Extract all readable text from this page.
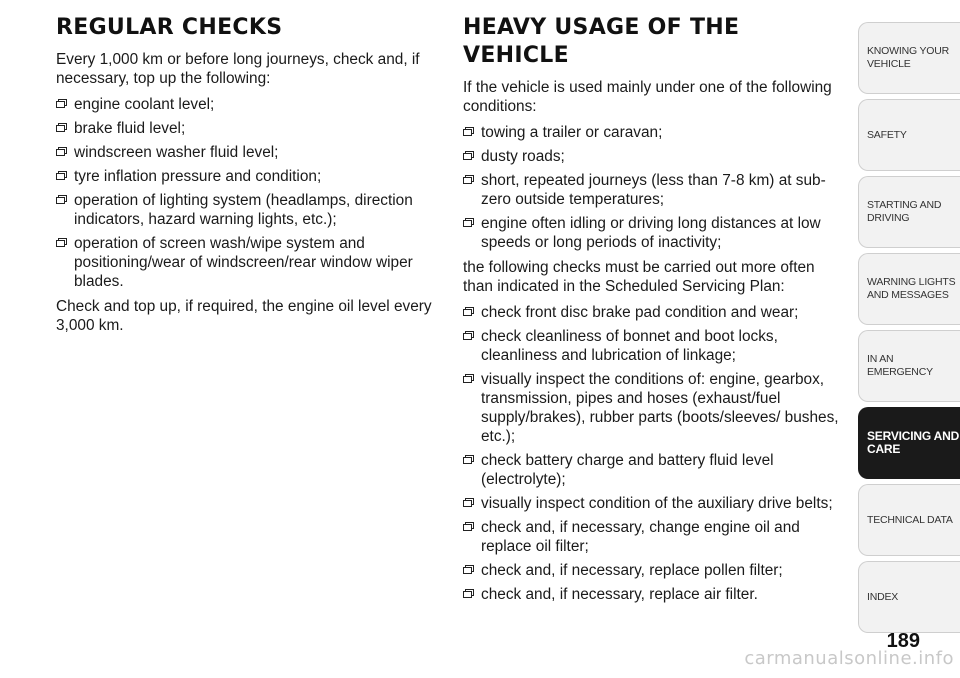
REGULAR CHECKS

Every 1,000 km or before long journeys, check and, if necessary, top up the following:

engine coolant level;
brake fluid level;
windscreen washer fluid level;
tyre inflation pressure and condition;
operation of lighting system (headlamps, direction indicators, hazard warning lights, etc.);
operation of screen wash/wipe system and positioning/wear of windscreen/rear window wiper blades.

Check and top up, if required, the engine oil level every 3,000 km.

HEAVY USAGE OF THE VEHICLE

If the vehicle is used mainly under one of the following conditions:

towing a trailer or caravan;
dusty roads;
short, repeated journeys (less than 7-8 km) at sub-zero outside temperatures;
engine often idling or driving long distances at low speeds or long periods of inactivity;

the following checks must be carried out more often than indicated in the Scheduled Servicing Plan:

check front disc brake pad condition and wear;
check cleanliness of bonnet and boot locks, cleanliness and lubrication of linkage;
visually inspect the conditions of: engine, gearbox, transmission, pipes and hoses (exhaust/fuel supply/brakes), rubber parts (boots/sleeves/ bushes, etc.);
check battery charge and battery fluid level (electrolyte);
visually inspect condition of the auxiliary drive belts;
check and, if necessary, change engine oil and replace oil filter;
check and, if necessary, replace pollen filter;
check and, if necessary, replace air filter.
KNOWING YOUR VEHICLE
SAFETY
STARTING AND DRIVING
WARNING LIGHTS AND MESSAGES
IN AN EMERGENCY
SERVICING AND CARE
TECHNICAL DATA
INDEX
189
carmanualsonline.info
